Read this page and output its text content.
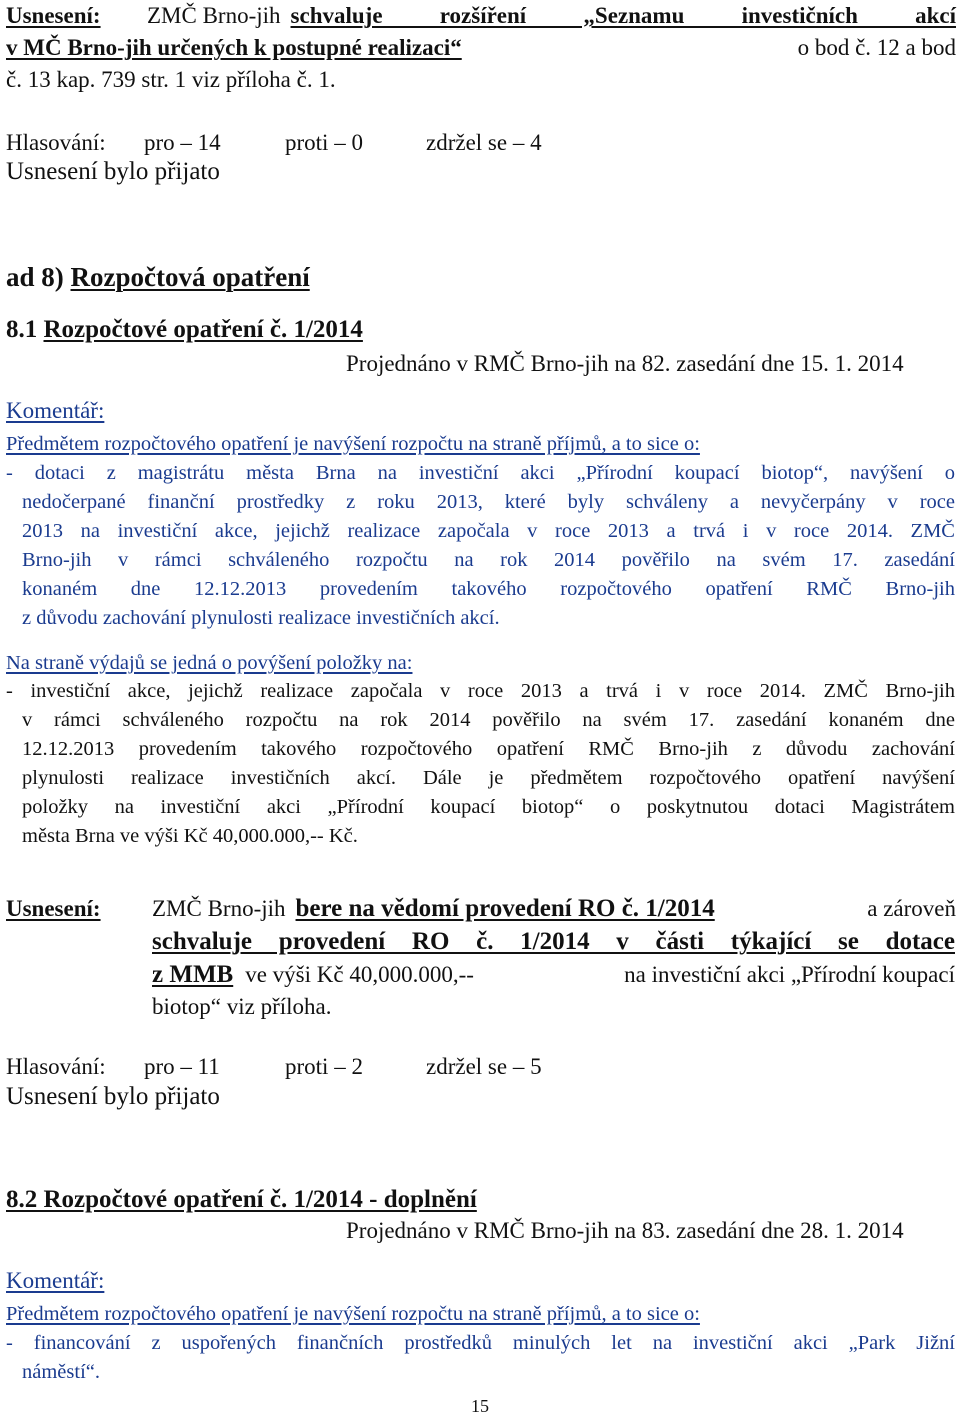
Usnesení:	ZMČ Brno-jih schvaluje rozšíření „Seznamu investičních akcí
v MČ Brno-jih určených k postupné realizaci“	o bod č. 12 a bod
č. 13 kap. 739 str. 1 viz příloha č. 1.
Hlasování:	pro – 14	proti – 0	zdržel se – 4
Usnesení bylo přijato
ad 8) Rozpočtová opatření
8.1 Rozpočtové opatření č. 1/2014
Projednáno v RMČ Brno-jih na 82. zasedání dne 15. 1. 2014
Komentář:
Předmětem rozpočtového opatření je navýšení rozpočtu na straně příjmů, a to sice o:
- dotaci z magistrátu města Brna na investiční akci „Přírodní koupací biotop“, navýšení o
nedočerpané finanční prostředky z roku 2013, které byly schváleny a nevyčerpány v roce
2013 na investiční akce, jejichž realizace započala v roce 2013 a trvá i v roce 2014. ZMČ
Brno-jih v rámci schváleného rozpočtu na rok 2014 pověřilo na svém 17. zasedání
konaném dne 12.12.2013 provedením takového rozpočtového opatření RMČ Brno-jih
z důvodu zachování plynulosti realizace investičních akcí.
Na straně výdajů se jedná o povýšení položky na:
- investiční akce, jejichž realizace započala v roce 2013 a trvá i v roce 2014. ZMČ Brno-jih
v rámci schváleného rozpočtu na rok 2014 pověřilo na svém 17. zasedání konaném dne
12.12.2013 provedením takového rozpočtového opatření RMČ Brno-jih z důvodu zachování
plynulosti realizace investičních akcí. Dále je předmětem rozpočtového opatření navýšení
položky na investiční akci „Přírodní koupací biotop“ o poskytnutou dotaci Magistrátem
města Brna ve výši Kč 40,000.000,-- Kč.
Usnesení:	ZMČ Brno-jih bere na vědomí provedení RO č. 1/2014	a zároveň
schvaluje provedení RO č. 1/2014 v části týkající se dotace
z MMB ve výši Kč 40,000.000,--	na investiční akci „Přírodní koupací
biotop“ viz příloha.
Hlasování:	pro – 11	proti – 2	zdržel se – 5
Usnesení bylo přijato
8.2 Rozpočtové opatření č. 1/2014 - doplnění
Projednáno v RMČ Brno-jih na 83. zasedání dne 28. 1. 2014
Komentář:
Předmětem rozpočtového opatření je navýšení rozpočtu na straně příjmů, a to sice o:
- financování z uspořených finančních prostředků minulých let na investiční akci „Park Jižní
náměstí“.
15
